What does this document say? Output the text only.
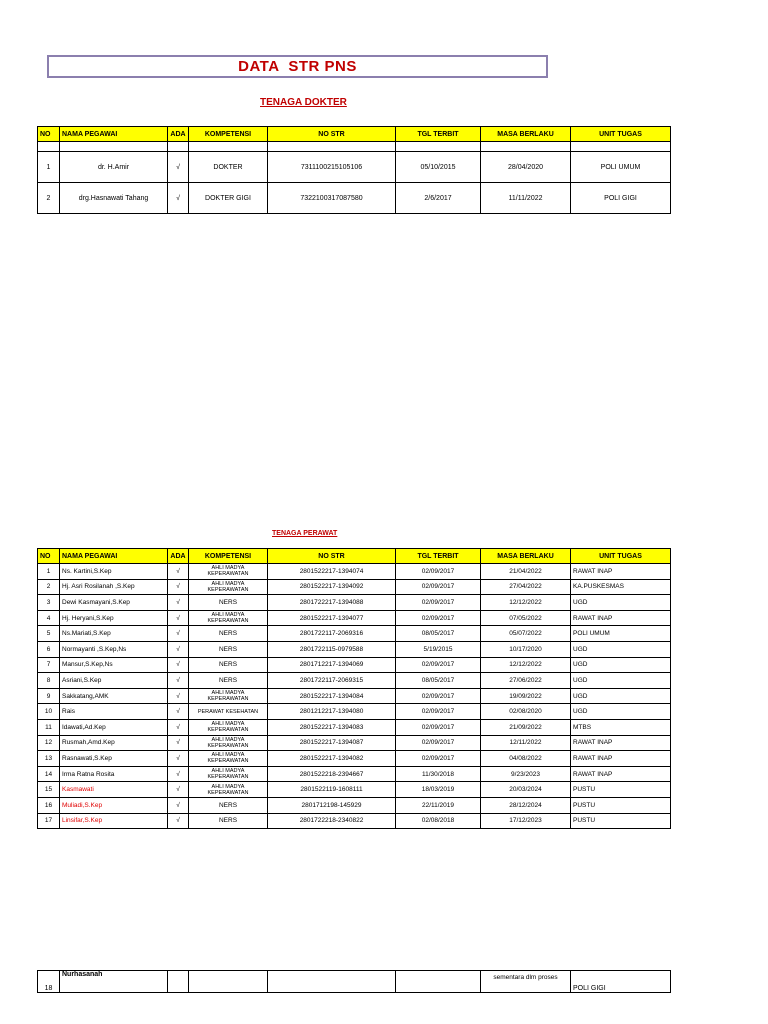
DATA  STR PNS
TENAGA DOKTER
NO	NAMA PEGAWAI	ADA	KOMPETENSI	NO STR	TGL TERBIT	MASA BERLAKU	UNIT TUGAS

1	dr. H.Amir	√	DOKTER	7311100215105106	05/10/2015	28/04/2020	POLI UMUM
2	drg.Hasnawati Tahang	√	DOKTER GIGI	7322100317087580	2/6/2017	11/11/2022	POLI GIGI
TENAGA PERAWAT
NO	NAMA PEGAWAI	ADA	KOMPETENSI	NO STR	TGL TERBIT	MASA BERLAKU	UNIT TUGAS
1	Ns. Kartini,S.Kep	√	AHLI MADYA KEPERAWATAN	2801522217-1394074	02/09/2017	21/04/2022	RAWAT INAP
2	Hj. Asri Rosilanah ,S.Kep	√	AHLI MADYA KEPERAWATAN	2801522217-1394092	02/09/2017	27/04/2022	KA.PUSKESMAS
3	Dewi Kasmayani,S.Kep	√	NERS	2801722217-1394088	02/09/2017	12/12/2022	UGD
4	Hj. Heryani,S.Kep	√	AHLI MADYA KEPERAWATAN	2801522217-1394077	02/09/2017	07/05/2022	RAWAT INAP
5	Ns.Mariati,S.Kep	√	NERS	2801722117-2069316	08/05/2017	05/07/2022	POLI UMUM
6	Normayanti ,S.Kep,Ns	√	NERS	2801722115-0979588	5/19/2015	10/17/2020	UGD
7	Mansur,S.Kep,Ns	√	NERS	2801712217-1394069	02/09/2017	12/12/2022	UGD
8	Asriani,S.Kep	√	NERS	2801722117-2069315	08/05/2017	27/06/2022	UGD
9	Sakkatang,AMK	√	AHLI MADYA KEPERAWATAN	2801522217-1394084	02/09/2017	19/09/2022	UGD
10	Rais	√	PERAWAT KESEHATAN	2801212217-1394080	02/09/2017	02/08/2020	UGD
11	Idawati,Ad.Kep	√	AHLI MADYA KEPERAWATAN	2801522217-1394083	02/09/2017	21/09/2022	MTBS
12	Rusmah,Amd.Kep	√	AHLI MADYA KEPERAWATAN	2801522217-1394087	02/09/2017	12/11/2022	RAWAT INAP
13	Rasnawati,S.Kep	√	AHLI MADYA KEPERAWATAN	2801522217-1394082	02/09/2017	04/08/2022	RAWAT INAP
14	Irma Ratna Rosita	√	AHLI MADYA KEPERAWATAN	2801522218-2394667	11/30/2018	9/23/2023	RAWAT INAP
15	Kasmawati	√	AHLI MADYA KEPERAWATAN	2801522119-1608111	18/03/2019	20/03/2024	PUSTU
16	Muliadi,S.Kep	√	NERS	2801712198-145929	22/11/2019	28/12/2024	PUSTU
17	Linsifar,S.Kep	√	NERS	2801722218-2340822	02/08/2018	17/12/2023	PUSTU
18	Nurhasanah					sementara dlm proses	POLI GIGI
